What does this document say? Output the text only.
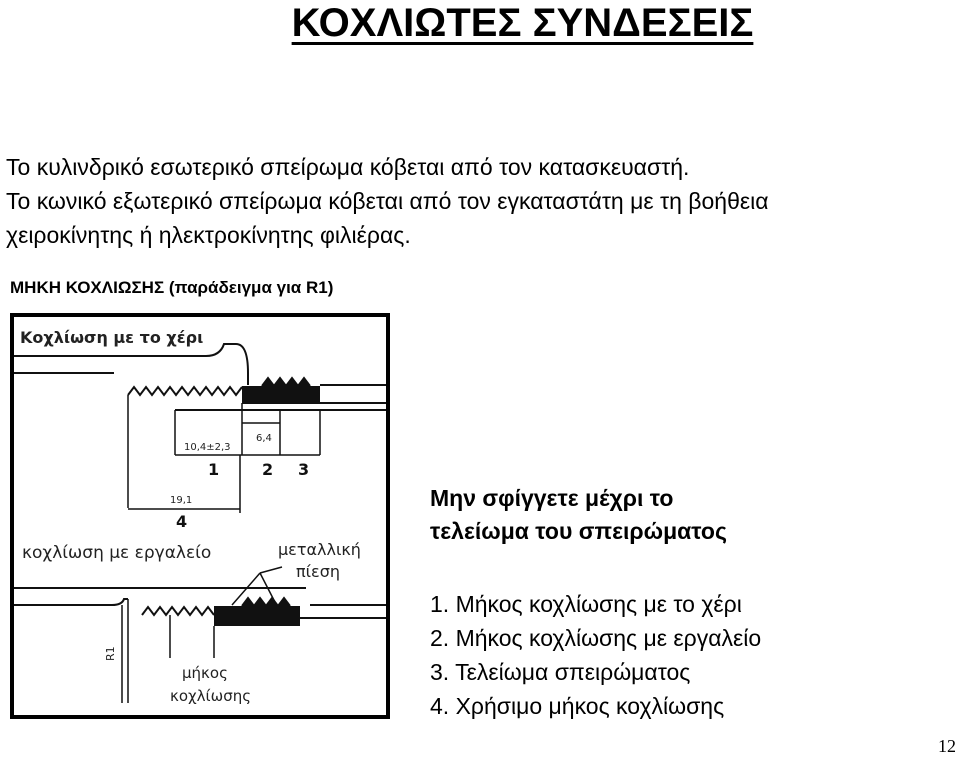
ΚΟΧΛΙΩΤΕΣ ΣΥΝΔΕΣΕΙΣ

Το κυλινδρικό εσωτερικό σπείρωμα κόβεται από τον κατασκευαστή.

Το κωνικό εξωτερικό σπείρωμα κόβεται από τον εγκαταστάτη με τη βοήθεια

χειροκίνητης ή ηλεκτροκίνητης φιλιέρας.

ΜΗΚΗ ΚΟΧΛΙΩΣΗΣ (παράδειγμα για R1)
Κοχλίωση με το χέρι
6,4
10,4±2,3
1	2 3
19,1
4
κοχλίωση με εργαλείο	μεταλλική
πίεση
R1
μήκος
κοχλίωσης
Μην σφίγγετε μέχρι το
τελείωμα του σπειρώματος
1. Μήκος κοχλίωσης με το χέρι
2. Μήκος κοχλίωσης με εργαλείο
3. Τελείωμα σπειρώματος
4. Χρήσιμο μήκος κοχλίωσης
12
